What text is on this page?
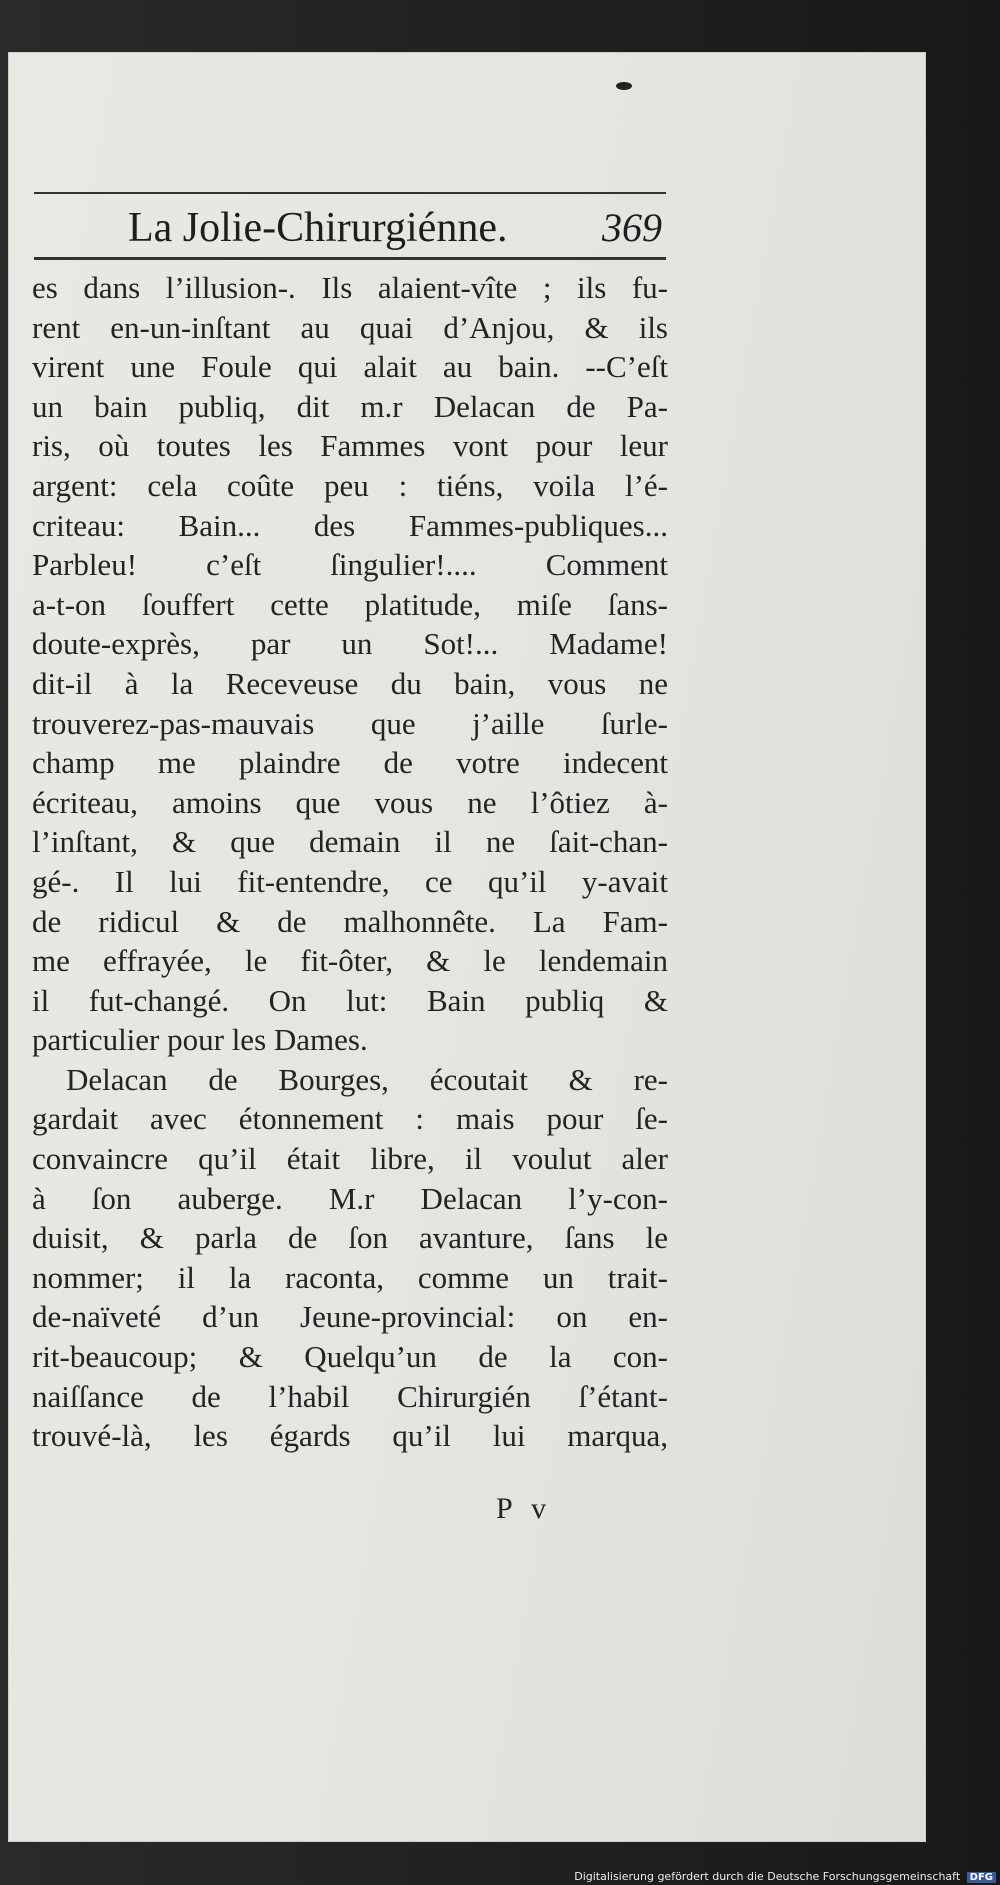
La Jolie-Chirurgiénne. 369
es dans l’illusion-. Ils alaient-vîte ; ils fu-
rent en-un-inſtant au quai d’Anjou, & ils
virent une Foule qui alait au bain. --C’eſt
un bain publiq, dit m.r Delacan de Pa-
ris, où toutes les Fammes vont pour leur
argent: cela coûte peu : tiéns, voila l’é-
criteau: Bain... des Fammes-publiques...
Parbleu! c’eſt ſingulier!.... Comment
a-t-on ſouffert cette platitude, miſe ſans-
doute-exprès, par un Sot!... Madame!
dit-il à la Receveuse du bain, vous ne
trouverez-pas-mauvais que j’aille ſurle-
champ me plaindre de votre indecent
écriteau, amoins que vous ne l’ôtiez à-
l’inſtant, & que demain il ne ſait-chan-
gé-. Il lui fit-entendre, ce qu’il y-avait
de ridicul & de malhonnête. La Fam-
me effrayée, le fit-ôter, & le lendemain
il fut-changé. On lut: Bain publiq &
particulier pour les Dames.
Delacan de Bourges, écoutait & re-
gardait avec étonnement : mais pour ſe-
convaincre qu’il était libre, il voulut aler
à ſon auberge. M.r Delacan l’y-con-
duisit, & parla de ſon avanture, ſans le
nommer; il la raconta, comme un trait-
de-naïveté d’un Jeune-provincial: on en-
rit-beaucoup; & Quelqu’un de la con-
naiſſance de l’habil Chirurgién ſ’étant-
trouvé-là, les égards qu’il lui marqua,
P v
Digitalisierung gefördert durch die Deutsche Forschungsgemeinschaft DFG
